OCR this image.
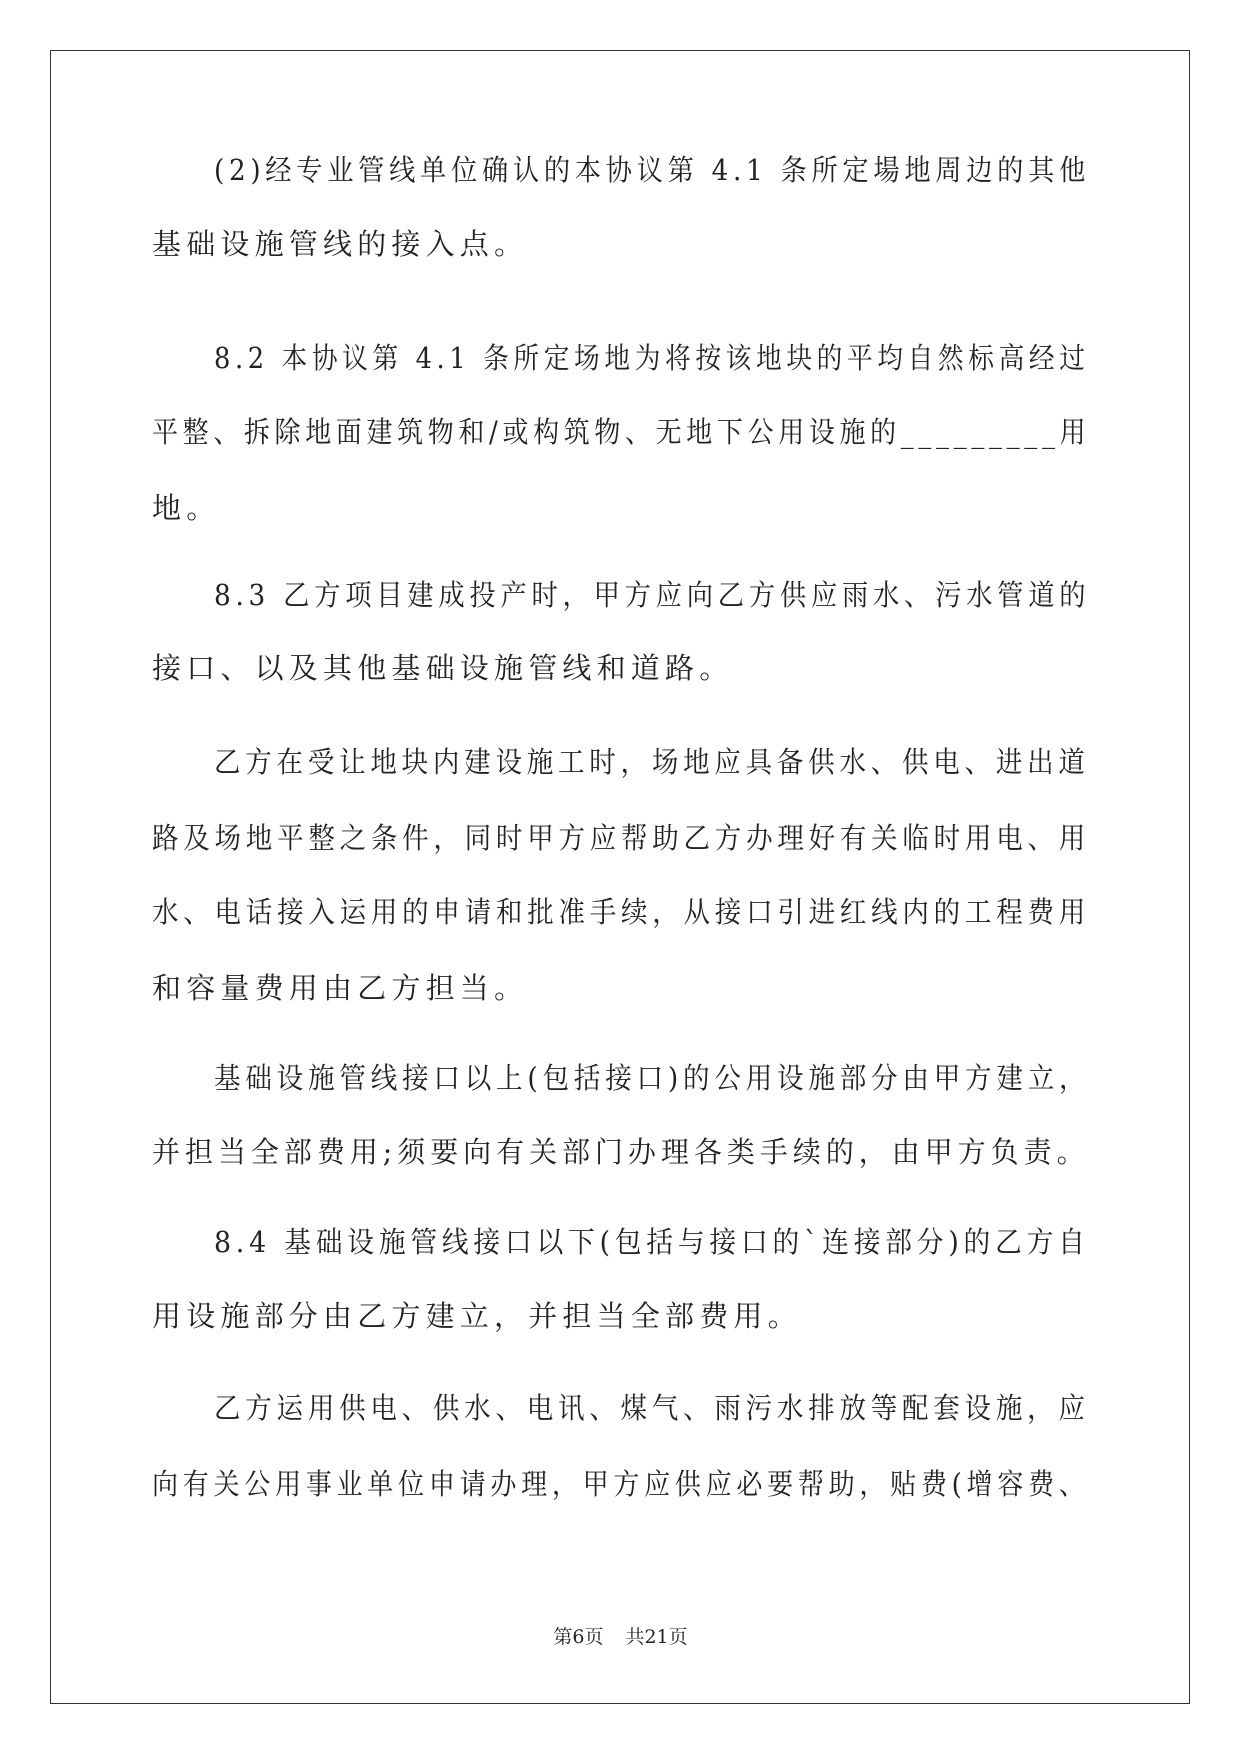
(2)经专业管线单位确认的本协议第 4.1 条所定場地周边的其他
基础设施管线的接入点。
8.2 本协议第 4.1 条所定场地为将按该地块的平均自然标高经过
平整、拆除地面建筑物和/或构筑物、无地下公用设施的_________用
地。
8.3 乙方项目建成投产时，甲方应向乙方供应雨水、污水管道的
接口、以及其他基础设施管线和道路。
乙方在受让地块内建设施工时，场地应具备供水、供电、进出道
路及场地平整之条件，同时甲方应帮助乙方办理好有关临时用电、用
水、电话接入运用的申请和批准手续，从接口引进红线内的工程费用
和容量费用由乙方担当。
基础设施管线接口以上(包括接口)的公用设施部分由甲方建立，
并担当全部费用;须要向有关部门办理各类手续的，由甲方负责。
8.4 基础设施管线接口以下(包括与接口的`连接部分)的乙方自
用设施部分由乙方建立，并担当全部费用。
乙方运用供电、供水、电讯、煤气、雨污水排放等配套设施，应
向有关公用事业单位申请办理，甲方应供应必要帮助，贴费(增容费、
第6页 共21页
